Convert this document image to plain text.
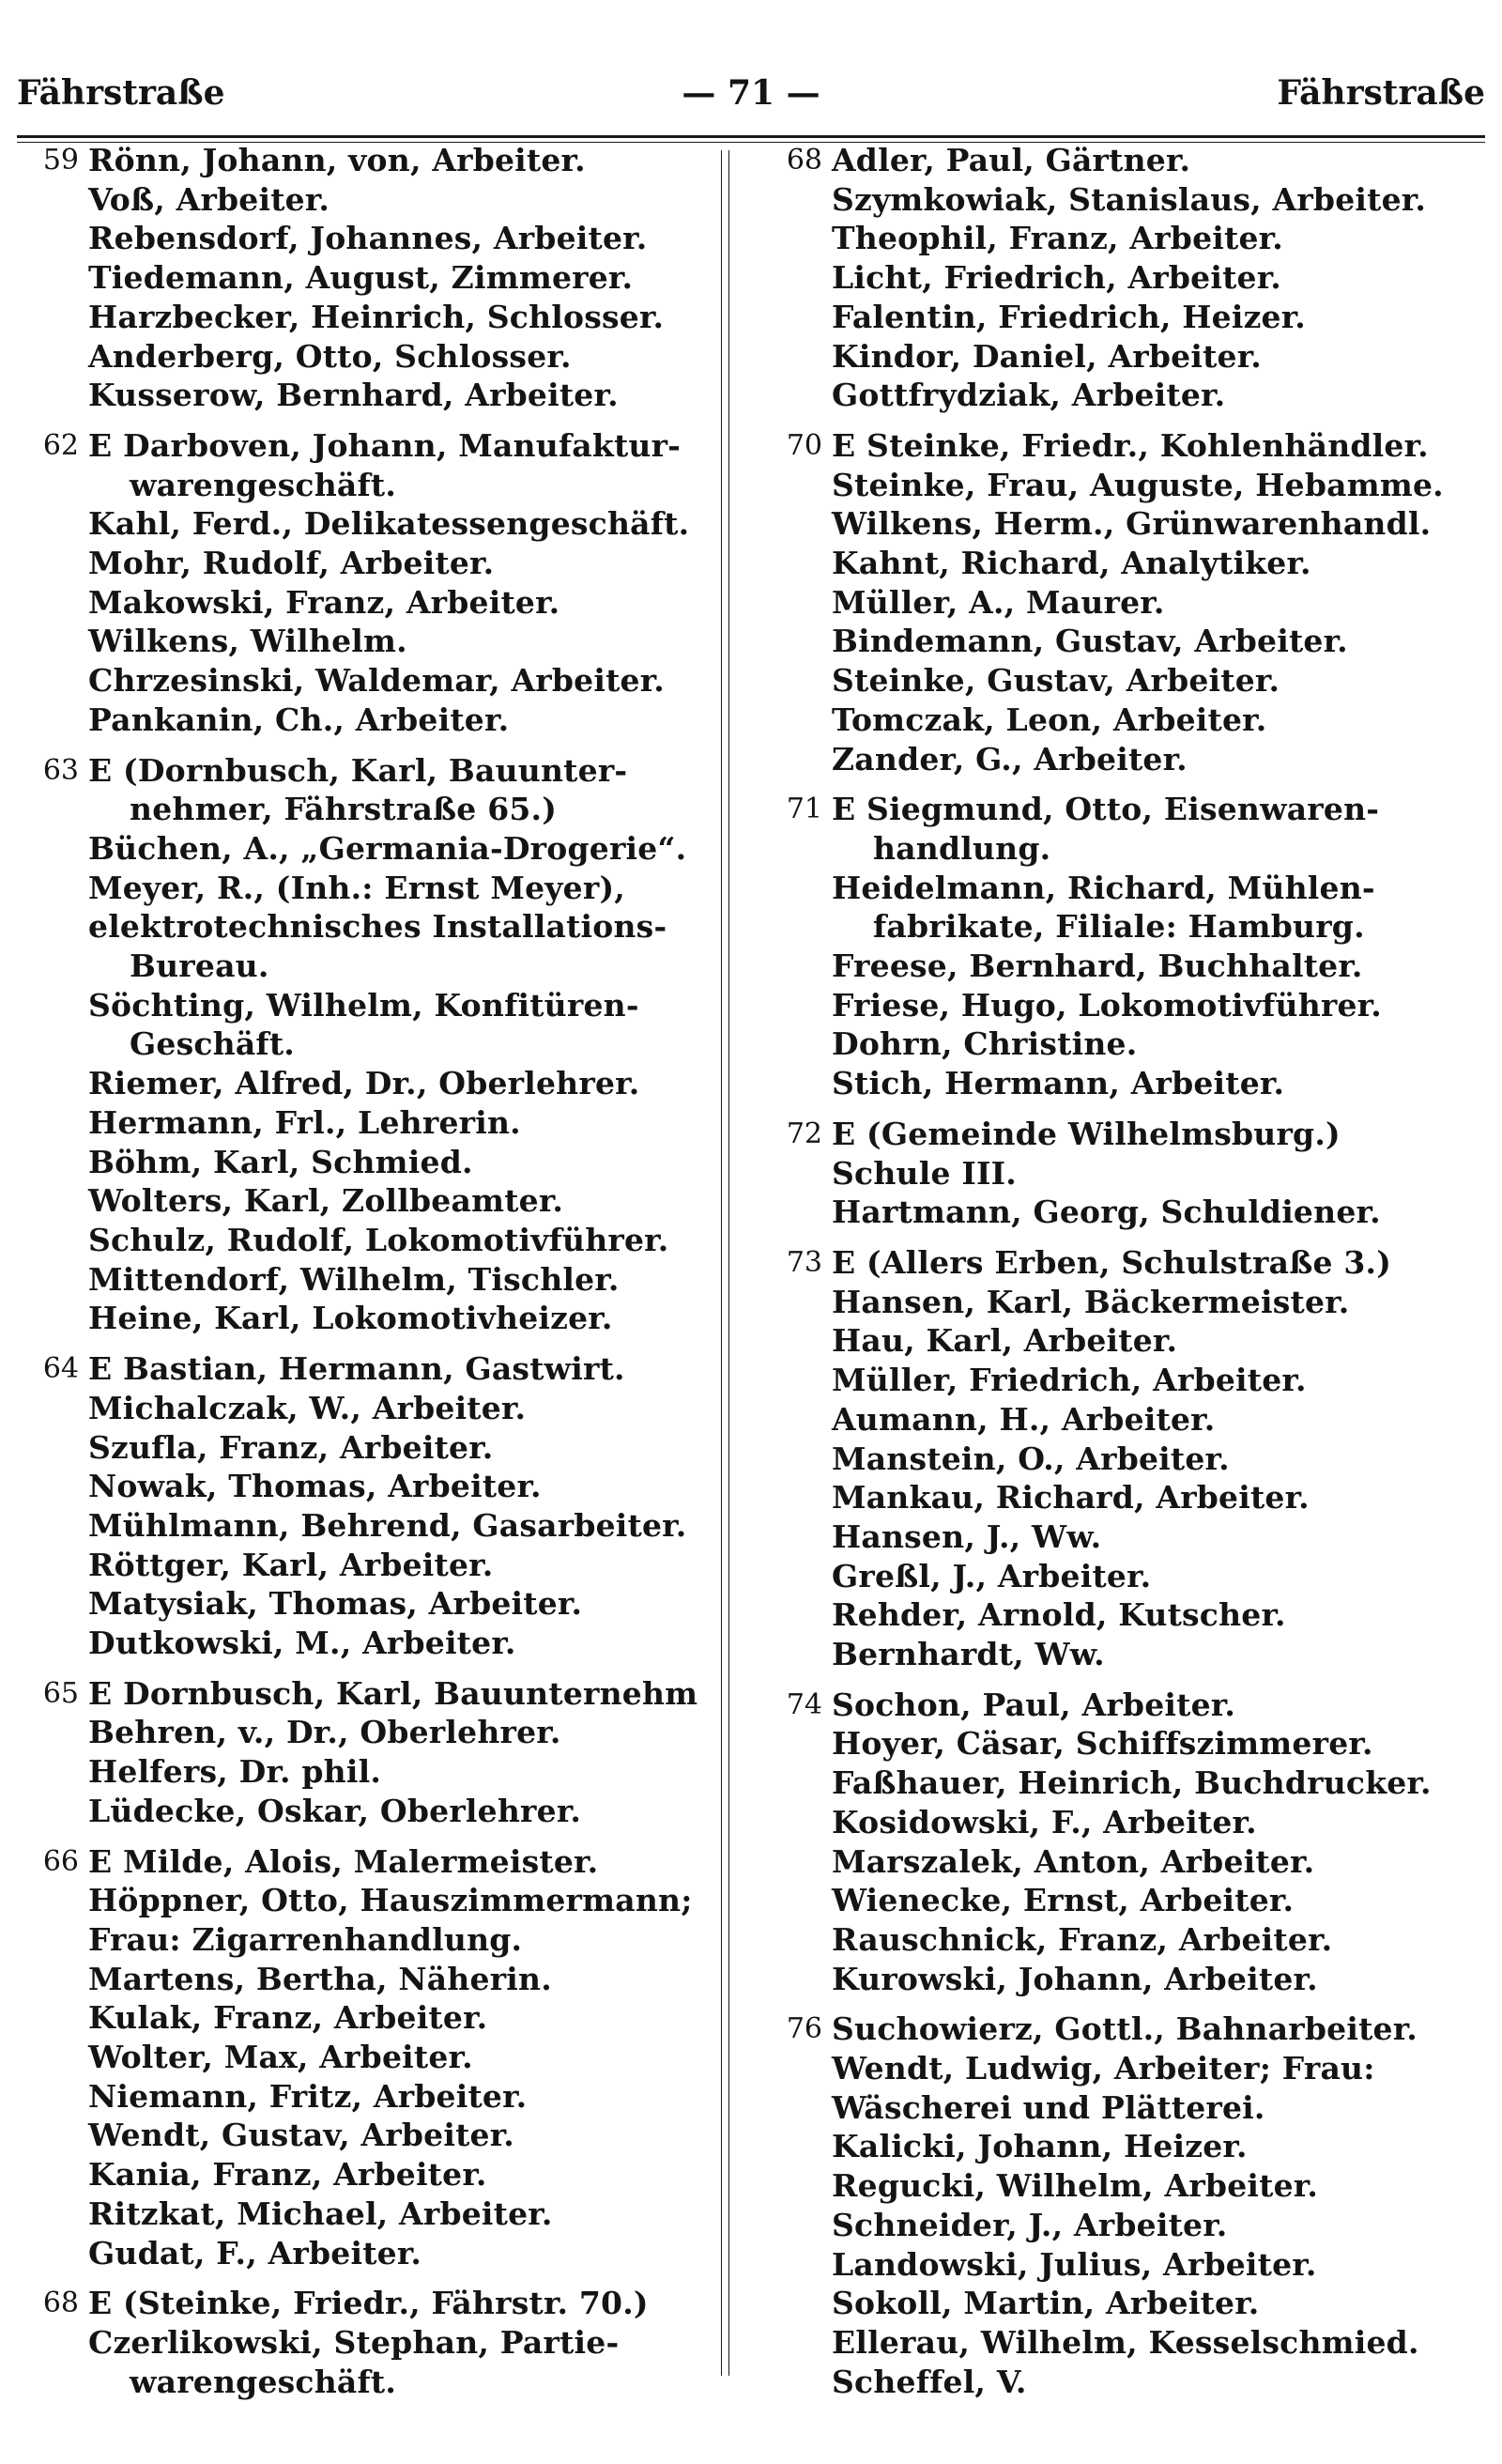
Fährstraße	— 71 —	Fährstraße
59 Rönn, Johann, von, Arbeiter.
Voß, Arbeiter.
Rebensdorf, Johannes, Arbeiter.
Tiedemann, August, Zimmerer.
Harzbecker, Heinrich, Schlosser.
Anderberg, Otto, Schlosser.
Kusserow, Bernhard, Arbeiter.
62 E Darboven, Johann, Manufaktur-
warengeschäft.
Kahl, Ferd., Delikatessengeschäft.
Mohr, Rudolf, Arbeiter.
Makowski, Franz, Arbeiter.
Wilkens, Wilhelm.
Chrzesinski, Waldemar, Arbeiter.
Pankanin, Ch., Arbeiter.
63 E (Dornbusch, Karl, Bauunter-
nehmer, Fährstraße 65.)
Büchen, A., „Germania-Drogerie“.
Meyer, R., (Inh.: Ernst Meyer),
elektrotechnisches Installations-
Bureau.
Söchting, Wilhelm, Konfitüren-
Geschäft.
Riemer, Alfred, Dr., Oberlehrer.
Hermann, Frl., Lehrerin.
Böhm, Karl, Schmied.
Wolters, Karl, Zollbeamter.
Schulz, Rudolf, Lokomotivführer.
Mittendorf, Wilhelm, Tischler.
Heine, Karl, Lokomotivheizer.
64 E Bastian, Hermann, Gastwirt.
Michalczak, W., Arbeiter.
Szufla, Franz, Arbeiter.
Nowak, Thomas, Arbeiter.
Mühlmann, Behrend, Gasarbeiter.
Röttger, Karl, Arbeiter.
Matysiak, Thomas, Arbeiter.
Dutkowski, M., Arbeiter.
65 E Dornbusch, Karl, Bauunternehm
Behren, v., Dr., Oberlehrer.
Helfers, Dr. phil.
Lüdecke, Oskar, Oberlehrer.
66 E Milde, Alois, Malermeister.
Höppner, Otto, Hauszimmermann;
Frau: Zigarrenhandlung.
Martens, Bertha, Näherin.
Kulak, Franz, Arbeiter.
Wolter, Max, Arbeiter.
Niemann, Fritz, Arbeiter.
Wendt, Gustav, Arbeiter.
Kania, Franz, Arbeiter.
Ritzkat, Michael, Arbeiter.
Gudat, F., Arbeiter.
68 E (Steinke, Friedr., Fährstr. 70.)
Czerlikowski, Stephan, Partie-
warengeschäft.
68 Adler, Paul, Gärtner.
Szymkowiak, Stanislaus, Arbeiter.
Theophil, Franz, Arbeiter.
Licht, Friedrich, Arbeiter.
Falentin, Friedrich, Heizer.
Kindor, Daniel, Arbeiter.
Gottfrydziak, Arbeiter.
70 E Steinke, Friedr., Kohlenhändler.
Steinke, Frau, Auguste, Hebamme.
Wilkens, Herm., Grünwarenhandl.
Kahnt, Richard, Analytiker.
Müller, A., Maurer.
Bindemann, Gustav, Arbeiter.
Steinke, Gustav, Arbeiter.
Tomczak, Leon, Arbeiter.
Zander, G., Arbeiter.
71 E Siegmund, Otto, Eisenwaren-
handlung.
Heidelmann, Richard, Mühlen-
fabrikate, Filiale: Hamburg.
Freese, Bernhard, Buchhalter.
Friese, Hugo, Lokomotivführer.
Dohrn, Christine.
Stich, Hermann, Arbeiter.
72 E (Gemeinde Wilhelmsburg.)
Schule III.
Hartmann, Georg, Schuldiener.
73 E (Allers Erben, Schulstraße 3.)
Hansen, Karl, Bäckermeister.
Hau, Karl, Arbeiter.
Müller, Friedrich, Arbeiter.
Aumann, H., Arbeiter.
Manstein, O., Arbeiter.
Mankau, Richard, Arbeiter.
Hansen, J., Ww.
Greßl, J., Arbeiter.
Rehder, Arnold, Kutscher.
Bernhardt, Ww.
74 Sochon, Paul, Arbeiter.
Hoyer, Cäsar, Schiffszimmerer.
Faßhauer, Heinrich, Buchdrucker.
Kosidowski, F., Arbeiter.
Marszalek, Anton, Arbeiter.
Wienecke, Ernst, Arbeiter.
Rauschnick, Franz, Arbeiter.
Kurowski, Johann, Arbeiter.
76 Suchowierz, Gottl., Bahnarbeiter.
Wendt, Ludwig, Arbeiter; Frau:
Wäscherei und Plätterei.
Kalicki, Johann, Heizer.
Regucki, Wilhelm, Arbeiter.
Schneider, J., Arbeiter.
Landowski, Julius, Arbeiter.
Sokoll, Martin, Arbeiter.
Ellerau, Wilhelm, Kesselschmied.
Scheffel, V.
